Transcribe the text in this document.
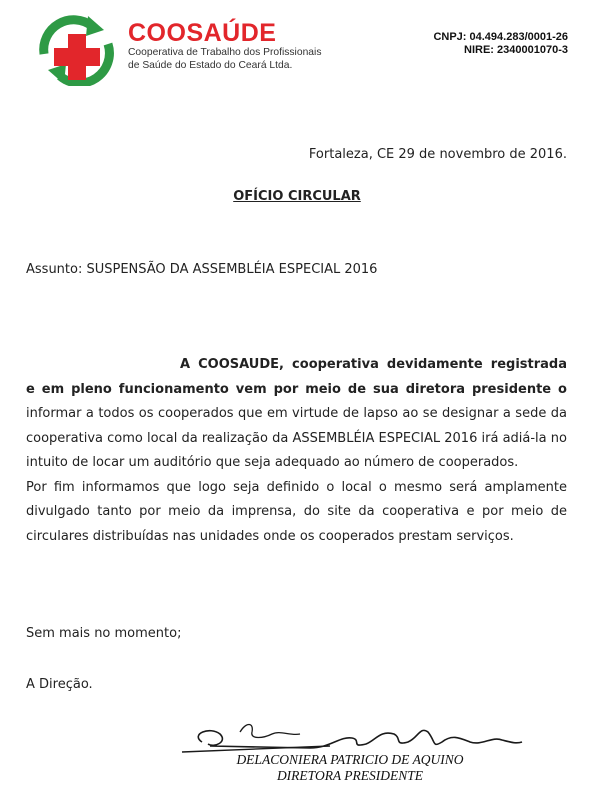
COOSAÚDE
Cooperativa de Trabalho dos Profissionais
de Saúde do Estado do Ceará Ltda.
CNPJ: 04.494.283/0001-26
NIRE: 2340001070-3
Fortaleza, CE 29 de novembro de 2016.
OFÍCIO CIRCULAR
Assunto: SUSPENSÃO DA ASSEMBLÉIA ESPECIAL 2016

A COOSAUDE, cooperativa devidamente registrada

e em pleno funcionamento vem por meio de sua diretora presidente o

informar a todos os cooperados que em virtude de lapso ao se designar a sede da cooperativa como local da realização da ASSEMBLÉIA ESPECIAL 2016 irá adiá-la no intuito de locar um auditório que seja adequado ao número de cooperados.

Por fim informamos que logo seja definido o local o mesmo será amplamente divulgado tanto por meio da imprensa, do site da cooperativa e por meio de circulares distribuídas nas unidades onde os cooperados prestam serviços.

Sem mais no momento;
A Direção.
DELACONIERA PATRICIO DE AQUINO
DIRETORA PRESIDENTE
